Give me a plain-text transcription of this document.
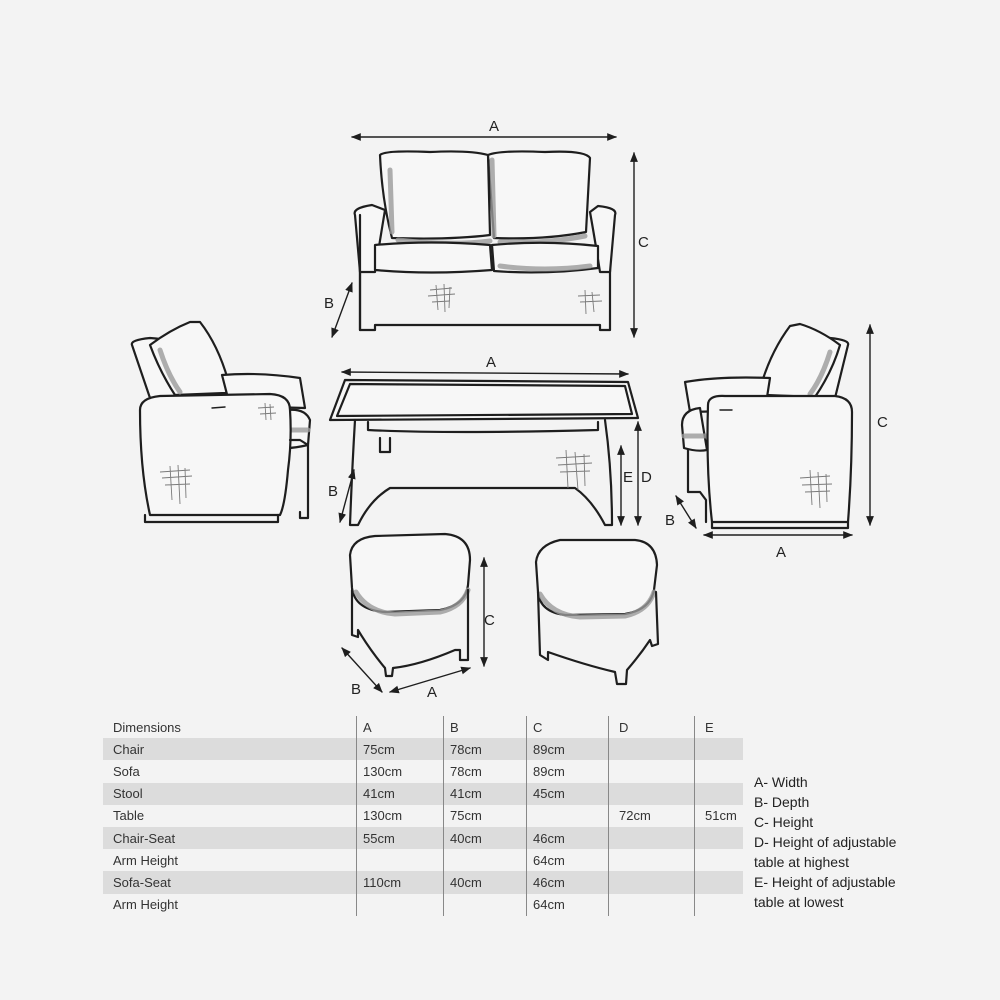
A
C
B
B
A
E D
C
B
A
C
B	A
Dimensions	A	B	C	D	E
Chair	75cm	78cm	89cm		
Sofa	130cm	78cm	89cm		
Stool	41cm	41cm	45cm		
Table	130cm	75cm		72cm	51cm
Chair-Seat	55cm	40cm	46cm		
Arm Height			64cm		
Sofa-Seat	110cm	40cm	46cm		
Arm Height			64cm		
A- Width
B- Depth
C- Height
D- Height of adjustable
table at highest
E- Height of adjustable
table at lowest
